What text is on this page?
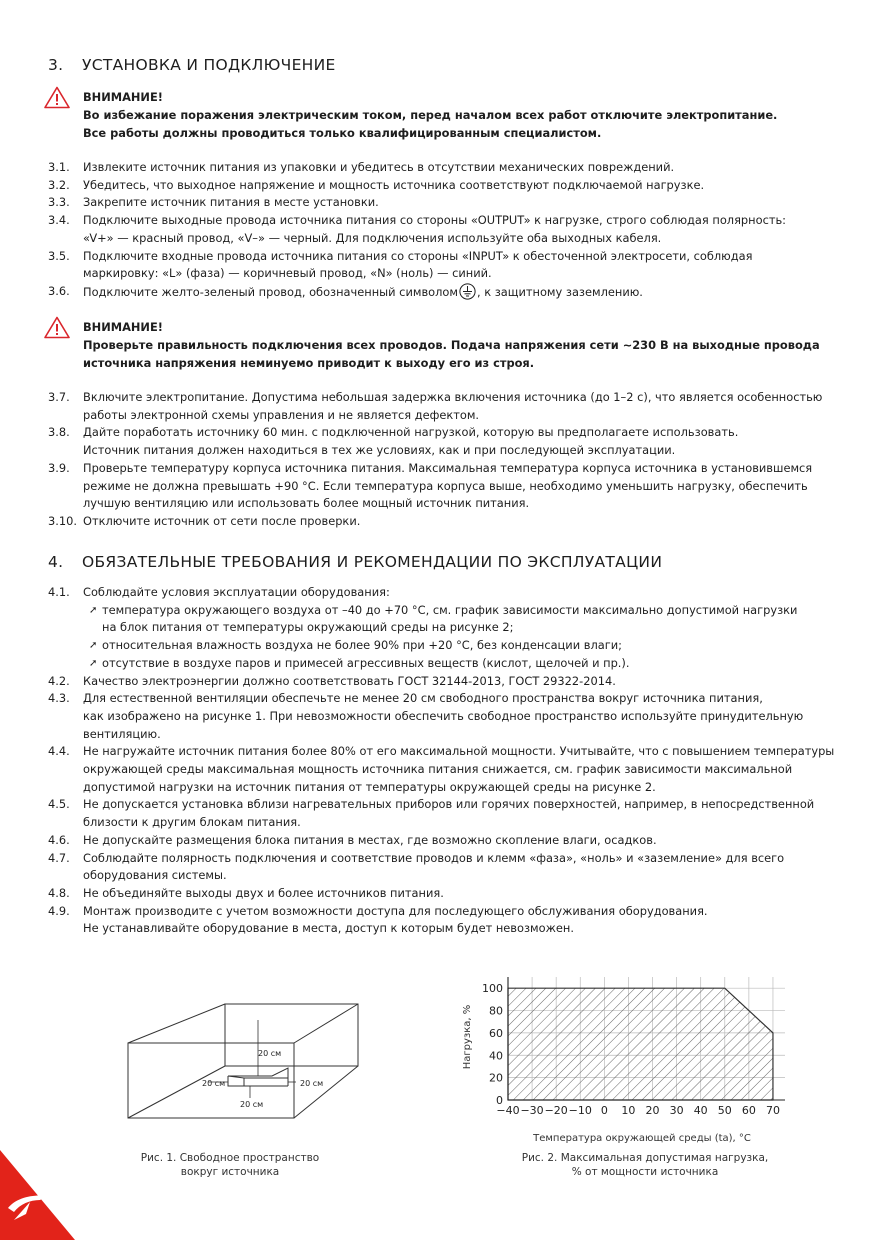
3. УСТАНОВКА И ПОДКЛЮЧЕНИЕ
ВНИМАНИЕ!
Во избежание поражения электрическим током, перед началом всех работ отключите электропитание.
Все работы должны проводиться только квалифицированным специалистом.
3.1.	Извлеките источник питания из упаковки и убедитесь в отсутствии механических повреждений.
3.2.	Убедитесь, что выходное напряжение и мощность источника соответствуют подключаемой нагрузке.
3.3.	Закрепите источник питания в месте установки.
3.4.	Подключите выходные провода источника питания со стороны «OUTPUT» к нагрузке, строго соблюдая полярность:
«V+» — красный провод, «V–» — черный. Для подключения используйте оба выходных кабеля.
3.5.	Подключите входные провода источника питания со стороны «INPUT» к обесточенной электросети, соблюдая
маркировку: «L» (фаза) — коричневый провод, «N» (ноль) — синий.
3.6.	Подключите желто-зеленый провод, обозначенный символом , к защитному заземлению.
ВНИМАНИЕ!
Проверьте правильность подключения всех проводов. Подача напряжения сети ~230 В на выходные провода
источника напряжения неминуемо приводит к выходу его из строя.
3.7.	Включите электропитание. Допустима небольшая задержка включения источника (до 1–2 с), что является особенностью
работы электронной схемы управления и не является дефектом.
3.8.	Дайте поработать источнику 60 мин. с подключенной нагрузкой, которую вы предполагаете использовать.
Источник питания должен находиться в тех же условиях, как и при последующей эксплуатации.
3.9.	Проверьте температуру корпуса источника питания. Максимальная температура корпуса источника в установившемся
режиме не должна превышать +90 °C. Если температура корпуса выше, необходимо уменьшить нагрузку, обеспечить
лучшую вентиляцию или использовать более мощный источник питания.
3.10. Отключите источник от сети после проверки.
4. ОБЯЗАТЕЛЬНЫЕ ТРЕБОВАНИЯ И РЕКОМЕНДАЦИИ ПО ЭКСПЛУАТАЦИИ
4.1.	Соблюдайте условия эксплуатации оборудования:
➚ температура окружающего воздуха от –40 до +70 °C, см. график зависимости максимально допустимой нагрузки
на блок питания от температуры окружающий среды на рисунке 2;
➚ относительная влажность воздуха не более 90% при +20 °C, без конденсации влаги;
➚ отсутствие в воздухе паров и примесей агрессивных веществ (кислот, щелочей и пр.).
4.2.	Качество электроэнергии должно соответствовать ГОСТ 32144-2013, ГОСТ 29322-2014.
4.3.	Для естественной вентиляции обеспечьте не менее 20 см свободного пространства вокруг источника питания,
как изображено на рисунке 1. При невозможности обеспечить свободное пространство используйте принудительную
вентиляцию.
4.4.	Не нагружайте источник питания более 80% от его максимальной мощности. Учитывайте, что с повышением температуры
окружающей среды максимальная мощность источника питания снижается, см. график зависимости максимальной
допустимой нагрузки на источник питания от температуры окружающей среды на рисунке 2.
4.5.	Не допускается установка вблизи нагревательных приборов или горячих поверхностей, например, в непосредственной
близости к другим блокам питания.
4.6.	Не допускайте размещения блока питания в местах, где возможно скопление влаги, осадков.
4.7.	Соблюдайте полярность подключения и соответствие проводов и клемм «фаза», «ноль» и «заземление» для всего
оборудования системы.
4.8.	Не объединяйте выходы двух и более источников питания.
4.9.	Монтаж производите с учетом возможности доступа для последующего обслуживания оборудования.
Не устанавливайте оборудование в места, доступ к которым будет невозможен.
20 см
20 см	20 см
20 см
Рис. 1. Свободное пространство
вокруг источника
−40 −30 −20 −10 0 10 20 30 40 50 60 70
0
20
40
60
80
100
Нагрузка, %
Температура окружающей среды (ta), °C
Рис. 2. Максимальная допустимая нагрузка,
% от мощности источника
